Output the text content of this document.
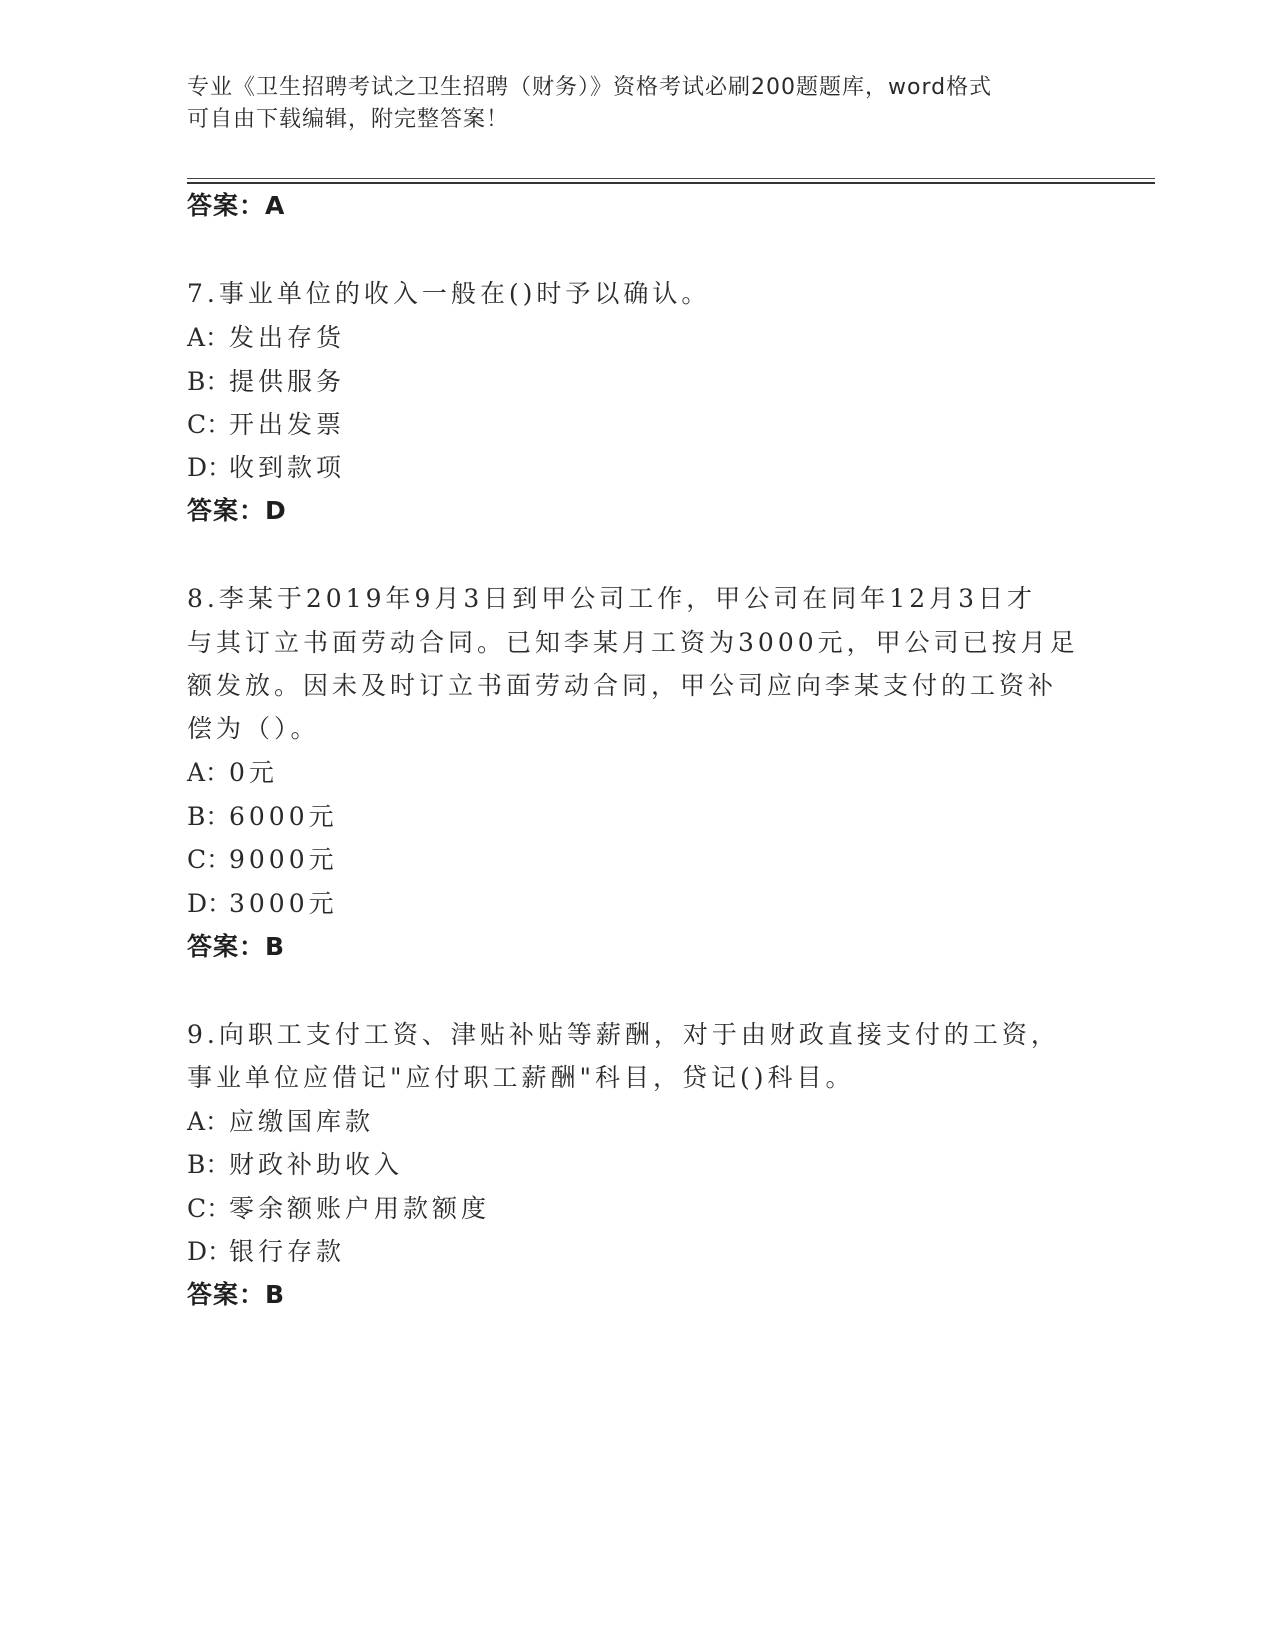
专业《卫生招聘考试之卫生招聘（财务）》资格考试必刷200题题库，word格式
可自由下载编辑，附完整答案！
答案：A
7.事业单位的收入一般在()时予以确认。
A：发出存货
B：提供服务
C：开出发票
D：收到款项
答案：D
8.李某于2019年9月3日到甲公司工作，甲公司在同年12月3日才
与其订立书面劳动合同。已知李某月工资为3000元，甲公司已按月足
额发放。因未及时订立书面劳动合同，甲公司应向李某支付的工资补
偿为（）。
A：0元
B：6000元
C：9000元
D：3000元
答案：B
9.向职工支付工资、津贴补贴等薪酬，对于由财政直接支付的工资，
事业单位应借记"应付职工薪酬"科目，贷记()科目。
A：应缴国库款
B：财政补助收入
C：零余额账户用款额度
D：银行存款
答案：B
